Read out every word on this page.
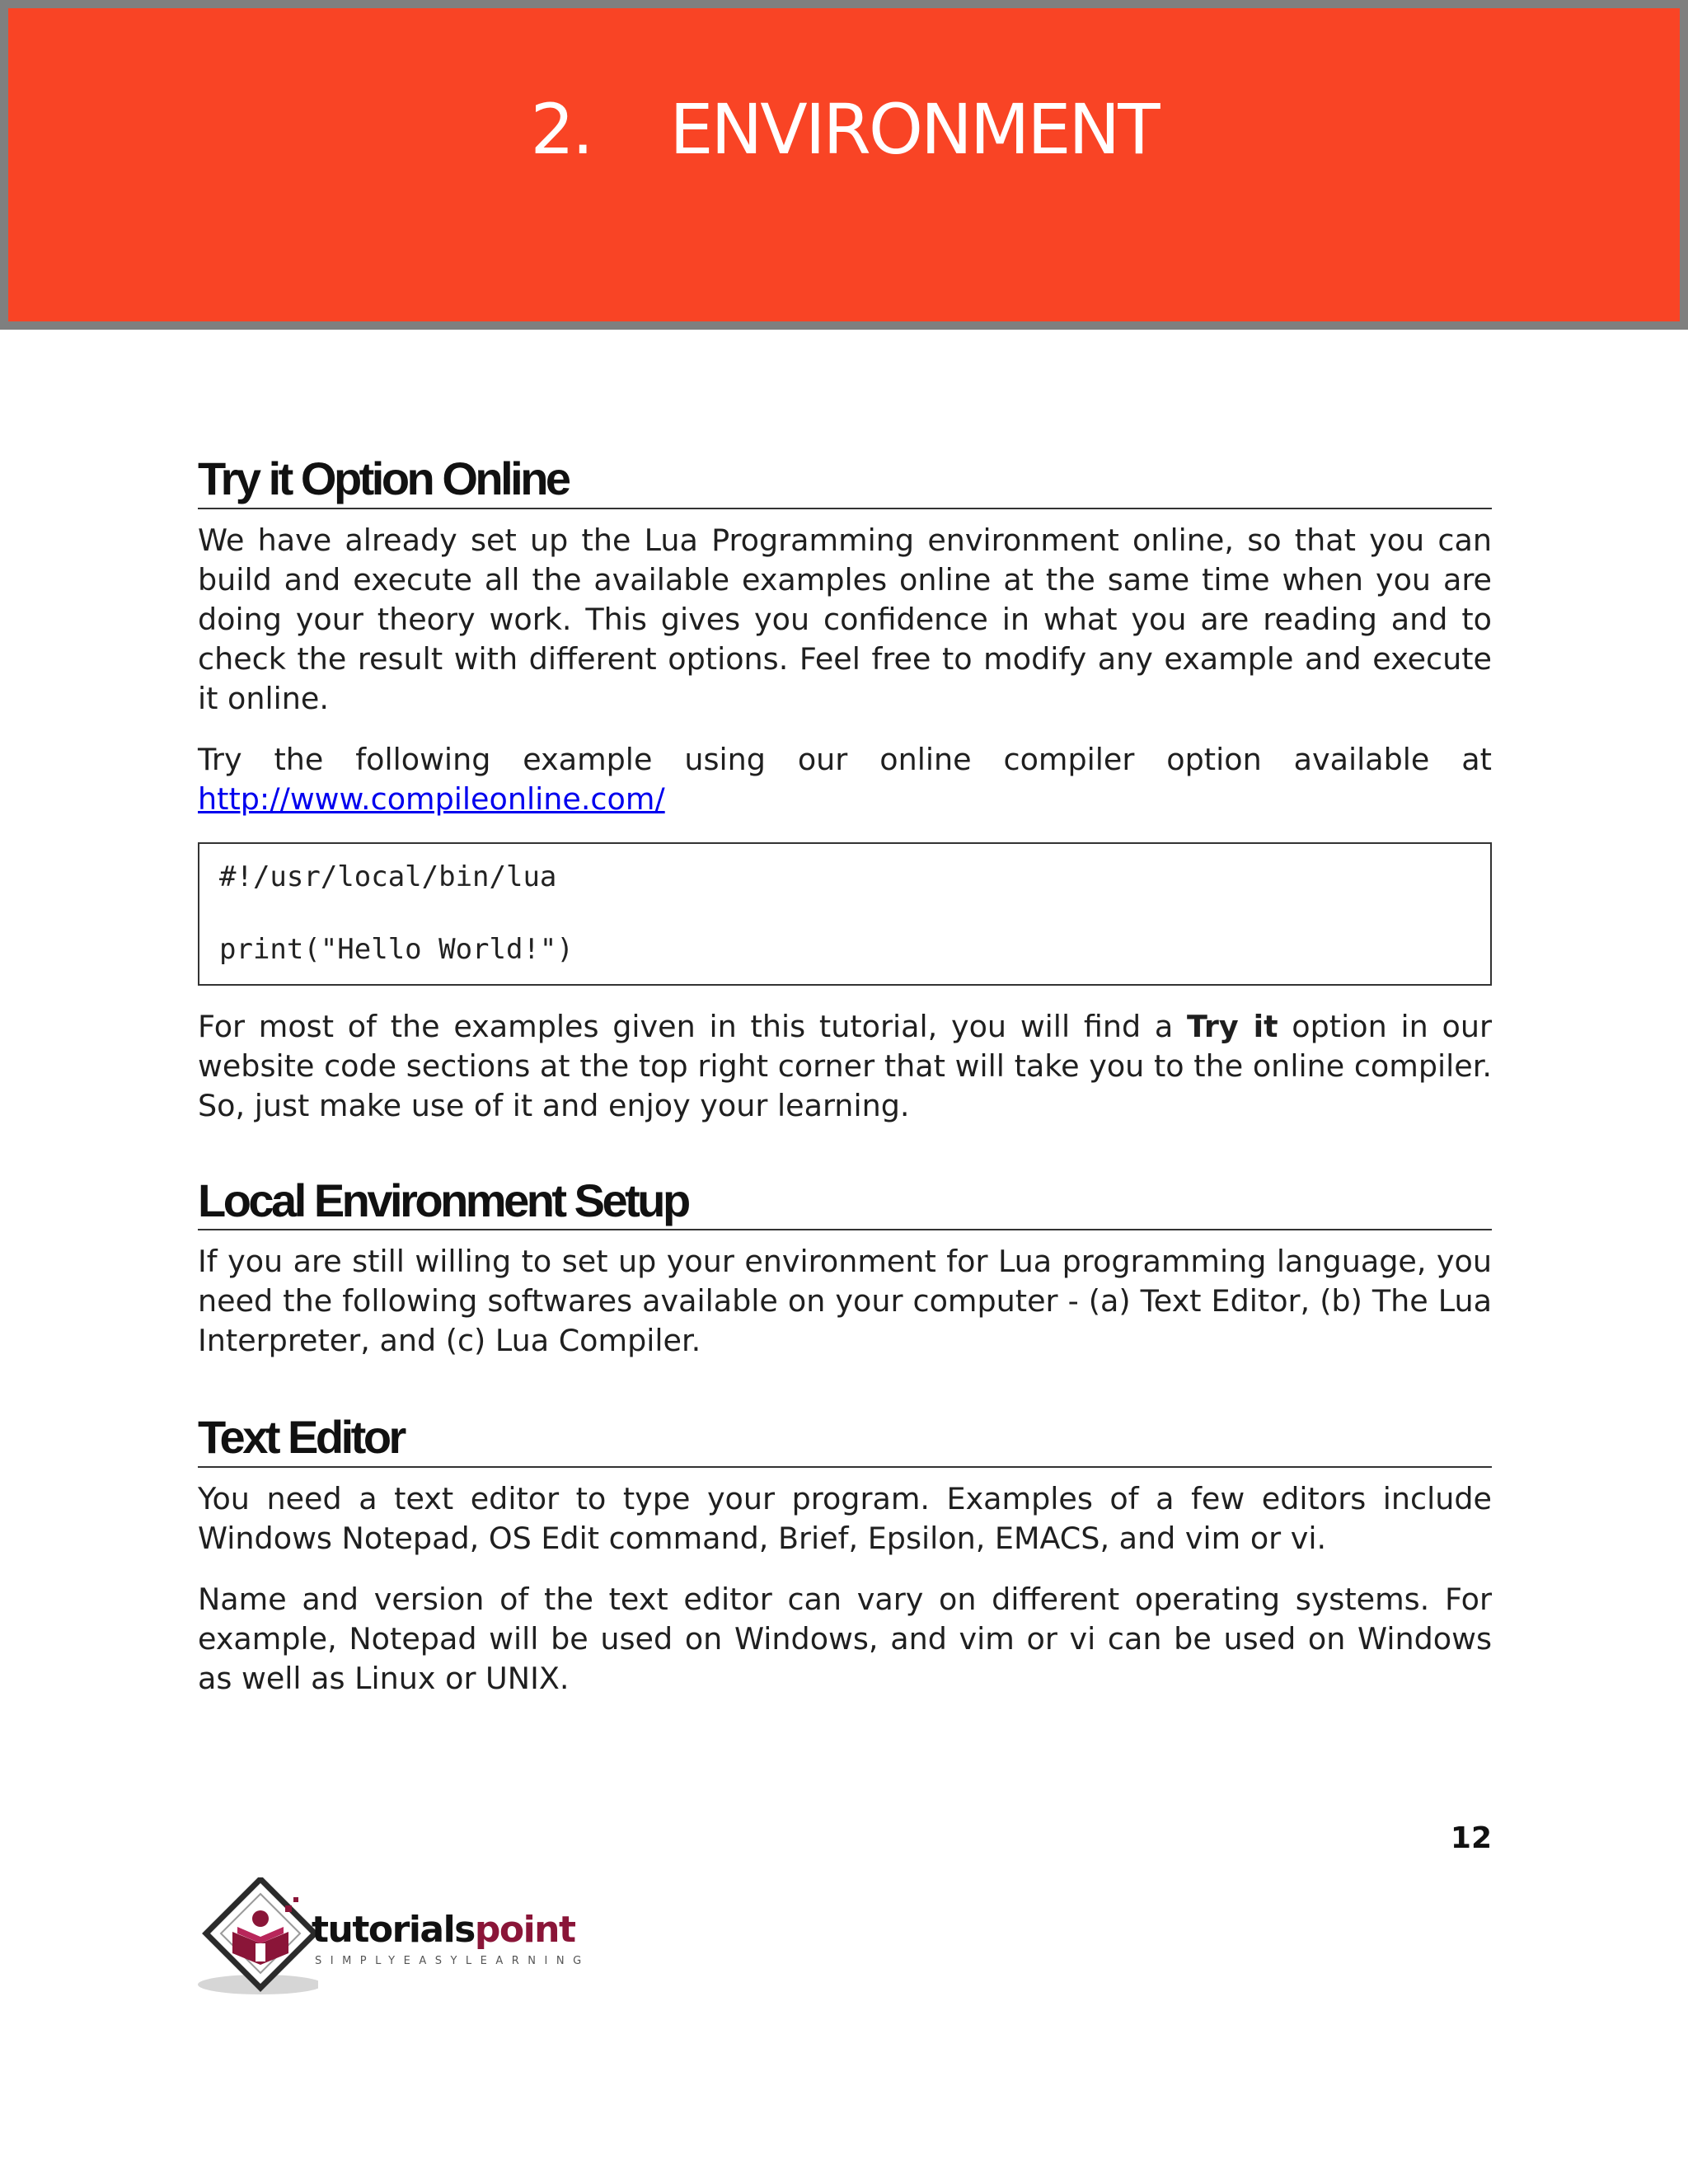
2.    ENVIRONMENT
Try it Option Online

We have already set up the Lua Programming environment online, so that you can build and execute all the available examples online at the same time when you are doing your theory work. This gives you confidence in what you are reading and to check the result with different options. Feel free to modify any example and execute it online.

Try the following example using our online compiler option available at http://www.compileonline.com/

#!/usr/local/bin/lua
print("Hello World!")

For most of the examples given in this tutorial, you will find a Try it option in our website code sections at the top right corner that will take you to the online compiler. So, just make use of it and enjoy your learning.

Local Environment Setup

If you are still willing to set up your environment for Lua programming language, you need the following softwares available on your computer - (a) Text Editor, (b) The Lua Interpreter, and (c) Lua Compiler.

Text Editor

You need a text editor to type your program. Examples of a few editors include Windows Notepad, OS Edit command, Brief, Epsilon, EMACS, and vim or vi.

Name and version of the text editor can vary on different operating systems. For example, Notepad will be used on Windows, and vim or vi can be used on Windows as well as Linux or UNIX.

12
tutorialspoint
SIMPLYEASYLEARNING
